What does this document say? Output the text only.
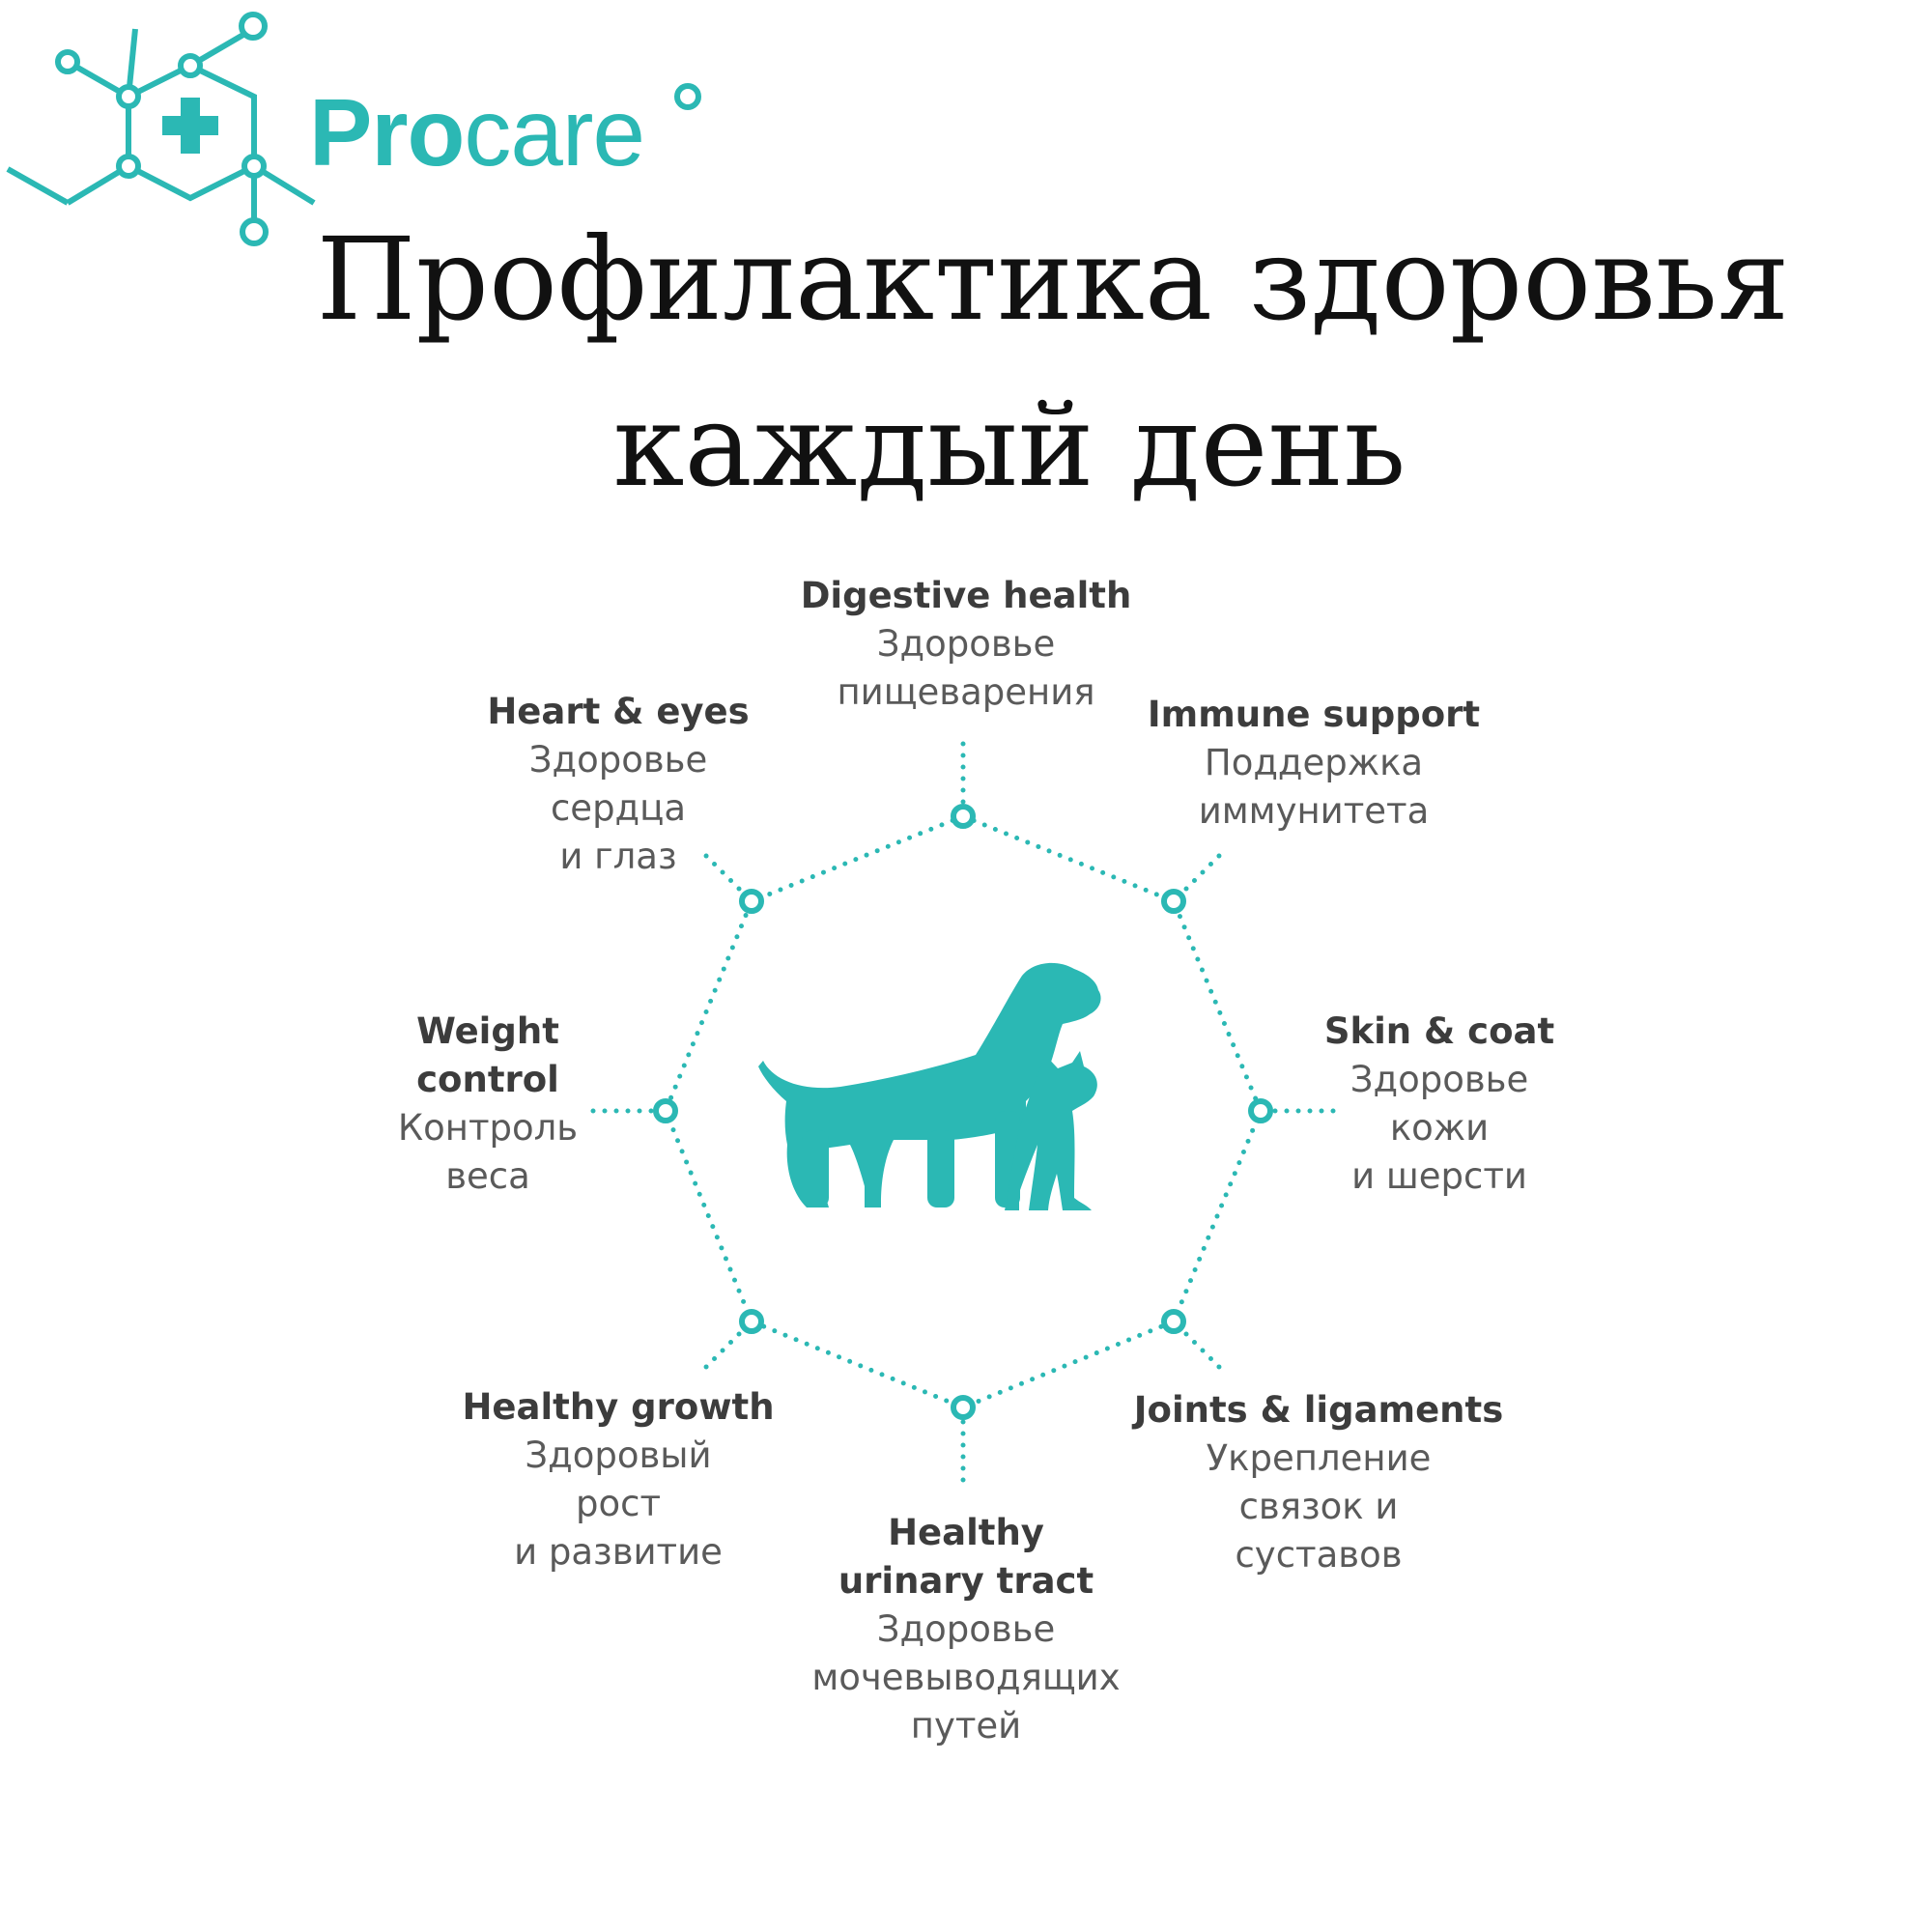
Procare
Профилактика здоровья
каждый день
Digestive health
Здоровье
пищеварения
Immune support
Поддержка
иммунитета
Skin & coat
Здоровье
кожи
и шерсти
Joints & ligaments
Укрепление
связок и
суставов
Healthy
urinary tract
Здоровье
мочевыводящих
путей
Healthy growth
Здоровый
рост
и развитие
Weight
control
Контроль
веса
Heart & eyes
Здоровье
сердца
и глаз
